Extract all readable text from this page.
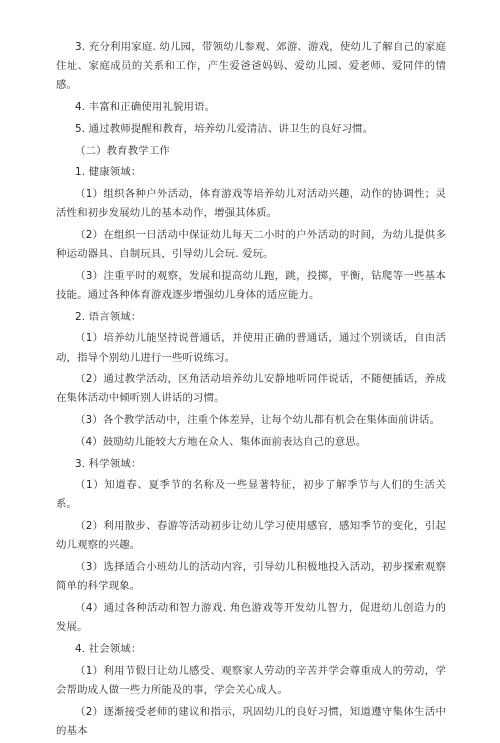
3. 充分利用家庭. 幼儿园，带领幼儿参观、郊游、游戏，使幼儿了解自己的家庭住址、家庭成员的关系和工作，产生爱爸爸妈妈、爱幼儿园、爱老师、爱同伴的情感。

4. 丰富和正确使用礼貌用语。

5. 通过教师提醒和教育，培养幼儿爱清洁、讲卫生的良好习惯。

（二）教育教学工作

1. 健康领域：

（1）组织各种户外活动，体育游戏等培养幼儿对活动兴趣，动作的协调性；灵活性和初步发展幼儿的基本动作，增强其体质。

（2）在组织一日活动中保证幼儿每天二小时的户外活动的时间，为幼儿提供多种运动器具、自制玩具，引导幼儿会玩. 爱玩。

（3）注重平时的观察，发展和提高幼儿跑，跳，投掷，平衡，钻爬等一些基本技能。通过各种体育游戏逐步增强幼儿身体的适应能力。

2. 语言领域：

（1）培养幼儿能坚持说普通话，并使用正确的普通话，通过个别谈话，自由活动，指导个别幼儿进行一些听说练习。

（2）通过教学活动，区角活动培养幼儿安静地听同伴说话，不随便插话，养成在集体活动中倾听别人讲话的习惯。

（3）各个教学活动中，注重个体差异，让每个幼儿都有机会在集体面前讲话。

（4）鼓励幼儿能较大方地在众人、集体面前表达自己的意思。

3. 科学领域：

（1）知道春、夏季节的名称及一些显著特征，初步了解季节与人们的生活关系。

（2）利用散步、春游等活动初步让幼儿学习使用感官，感知季节的变化，引起幼儿观察的兴趣。

（3）选择适合小班幼儿的活动内容，引导幼儿积极地投入活动，初步探索观察简单的科学现象。

（4）通过各种活动和智力游戏. 角色游戏等开发幼儿智力，促进幼儿创造力的发展。

4. 社会领域：

（1）利用节假日让幼儿感受、观察家人劳动的辛苦并学会尊重成人的劳动，学会帮助成人做一些力所能及的事，学会关心成人。

（2）逐渐接受老师的建议和指示，巩固幼儿的良好习惯，知道遵守集体生活中的基本
